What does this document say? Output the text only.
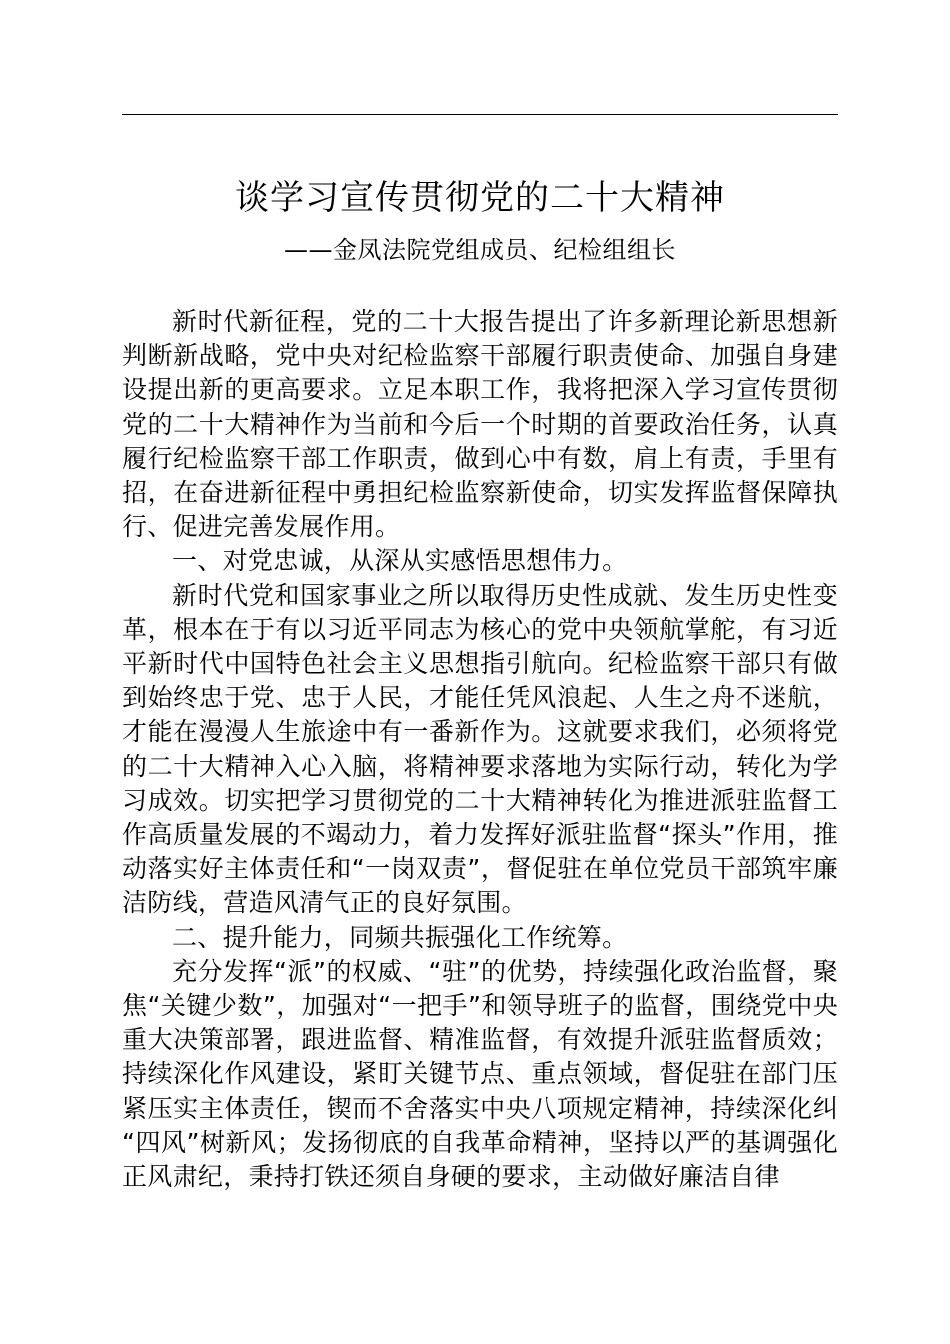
谈学习宣传贯彻党的二十大精神
——金凤法院党组成员、纪检组组长

新时代新征程，党的二十大报告提出了许多新理论新思想新判断新战略，党中央对纪检监察干部履行职责使命、加强自身建设提出新的更高要求。立足本职工作，我将把深入学习宣传贯彻党的二十大精神作为当前和今后一个时期的首要政治任务，认真履行纪检监察干部工作职责，做到心中有数，肩上有责，手里有招，在奋进新征程中勇担纪检监察新使命，切实发挥监督保障执行、促进完善发展作用。

一、对党忠诚，从深从实感悟思想伟力。

新时代党和国家事业之所以取得历史性成就、发生历史性变革，根本在于有以习近平同志为核心的党中央领航掌舵，有习近平新时代中国特色社会主义思想指引航向。纪检监察干部只有做到始终忠于党、忠于人民，才能任凭风浪起、人生之舟不迷航，才能在漫漫人生旅途中有一番新作为。这就要求我们，必须将党的二十大精神入心入脑，将精神要求落地为实际行动，转化为学习成效。切实把学习贯彻党的二十大精神转化为推进派驻监督工作高质量发展的不竭动力，着力发挥好派驻监督“探头”作用，推动落实好主体责任和“一岗双责”，督促驻在单位党员干部筑牢廉洁防线，营造风清气正的良好氛围。

二、提升能力，同频共振强化工作统筹。

充分发挥“派”的权威、“驻”的优势，持续强化政治监督，聚焦“关键少数”，加强对“一把手”和领导班子的监督，围绕党中央重大决策部署，跟进监督、精准监督，有效提升派驻监督质效；持续深化作风建设，紧盯关键节点、重点领域，督促驻在部门压紧压实主体责任，锲而不舍落实中央八项规定精神，持续深化纠“四风”树新风；发扬彻底的自我革命精神，坚持以严的基调强化正风肃纪，秉持打铁还须自身硬的要求，主动做好廉洁自律
